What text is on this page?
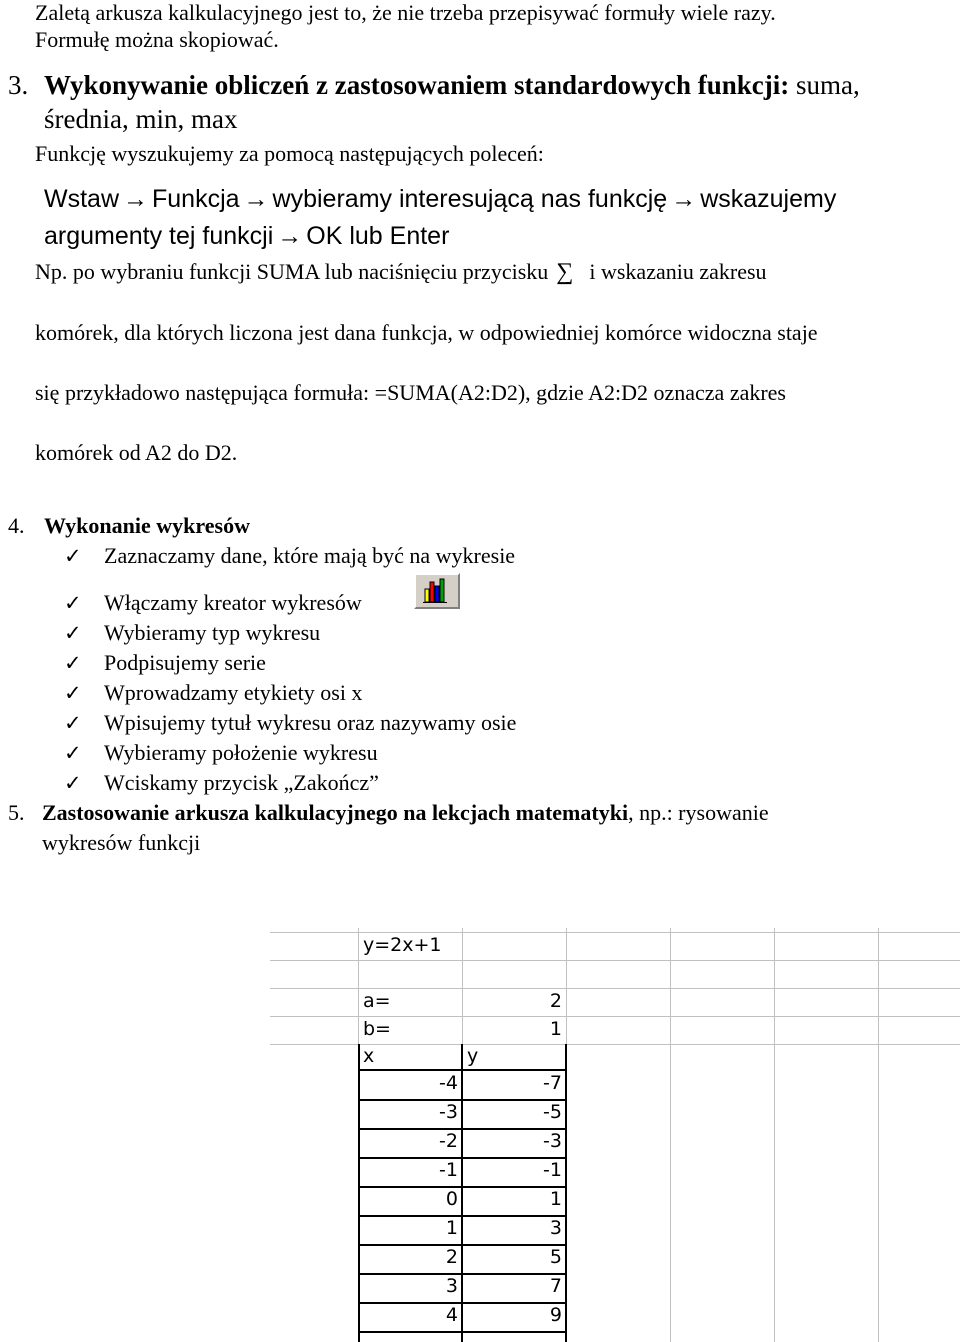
Zaletą arkusza kalkulacyjnego jest to, że nie trzeba przepisywać formuły wiele razy.
Formułę można skopiować.
3. Wykonywanie obliczeń z zastosowaniem standardowych funkcji: suma,
średnia, min, max
Funkcję wyszukujemy za pomocą następujących poleceń:
Wstaw → Funkcja → wybieramy interesującą nas funkcję → wskazujemy
argumenty tej funkcji → OK lub Enter
Np. po wybraniu funkcji SUMA lub naciśnięciu przycisku ∑ i wskazaniu zakresu
komórek, dla których liczona jest dana funkcja, w odpowiedniej komórce widoczna staje
się przykładowo następująca formuła: =SUMA(A2:D2), gdzie A2:D2 oznacza zakres
komórek od A2 do D2.
4. Wykonanie wykresów
✓ Zaznaczamy dane, które mają być na wykresie
✓ Włączamy kreator wykresów
✓ Wybieramy typ wykresu
✓ Podpisujemy serie
✓ Wprowadzamy etykiety osi x
✓ Wpisujemy tytuł wykresu oraz nazywamy osie
✓ Wybieramy położenie wykresu
✓ Wciskamy przycisk „Zakończ”
5. Zastosowanie arkusza kalkulacyjnego na lekcjach matematyki, np.: rysowanie
wykresów funkcji
y=2x+1
a=	2
b=	1
x	y
-4	-7
-3	-5
-2	-3
-1	-1
0	1
1	3
2	5
3	7
4	9
